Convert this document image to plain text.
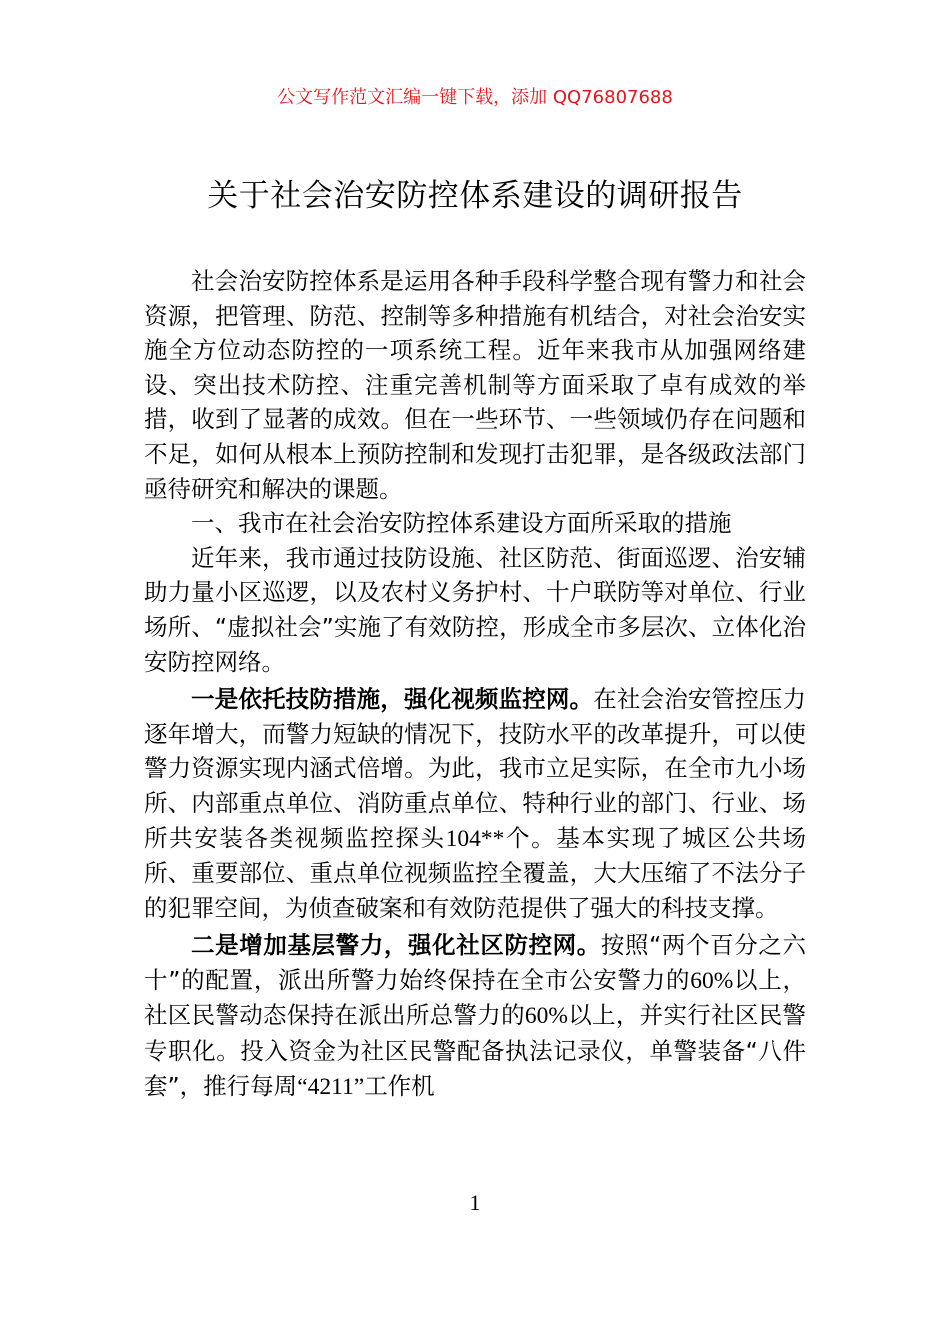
公文写作范文汇编一键下载，添加 QQ76807688
关于社会治安防控体系建设的调研报告

社会治安防控体系是运用各种手段科学整合现有警力和社会资源，把管理、防范、控制等多种措施有机结合，对社会治安实施全方位动态防控的一项系统工程。近年来我市从加强网络建设、突出技术防控、注重完善机制等方面采取了卓有成效的举措，收到了显著的成效。但在一些环节、一些领域仍存在问题和不足，如何从根本上预防控制和发现打击犯罪，是各级政法部门亟待研究和解决的课题。

一、我市在社会治安防控体系建设方面所采取的措施

近年来，我市通过技防设施、社区防范、街面巡逻、治安辅助力量小区巡逻，以及农村义务护村、十户联防等对单位、行业场所、“虚拟社会”实施了有效防控，形成全市多层次、立体化治安防控网络。

一是依托技防措施，强化视频监控网。在社会治安管控压力逐年增大，而警力短缺的情况下，技防水平的改革提升，可以使警力资源实现内涵式倍增。为此，我市立足实际，在全市九小场所、内部重点单位、消防重点单位、特种行业的部门、行业、场所共安装各类视频监控探头104**个。基本实现了城区公共场所、重要部位、重点单位视频监控全覆盖，大大压缩了不法分子的犯罪空间，为侦查破案和有效防范提供了强大的科技支撑。

二是增加基层警力，强化社区防控网。按照“两个百分之六十”的配置，派出所警力始终保持在全市公安警力的60%以上，社区民警动态保持在派出所总警力的60%以上，并实行社区民警专职化。投入资金为社区民警配备执法记录仪，单警装备“八件套”，推行每周“4211”工作机

1
